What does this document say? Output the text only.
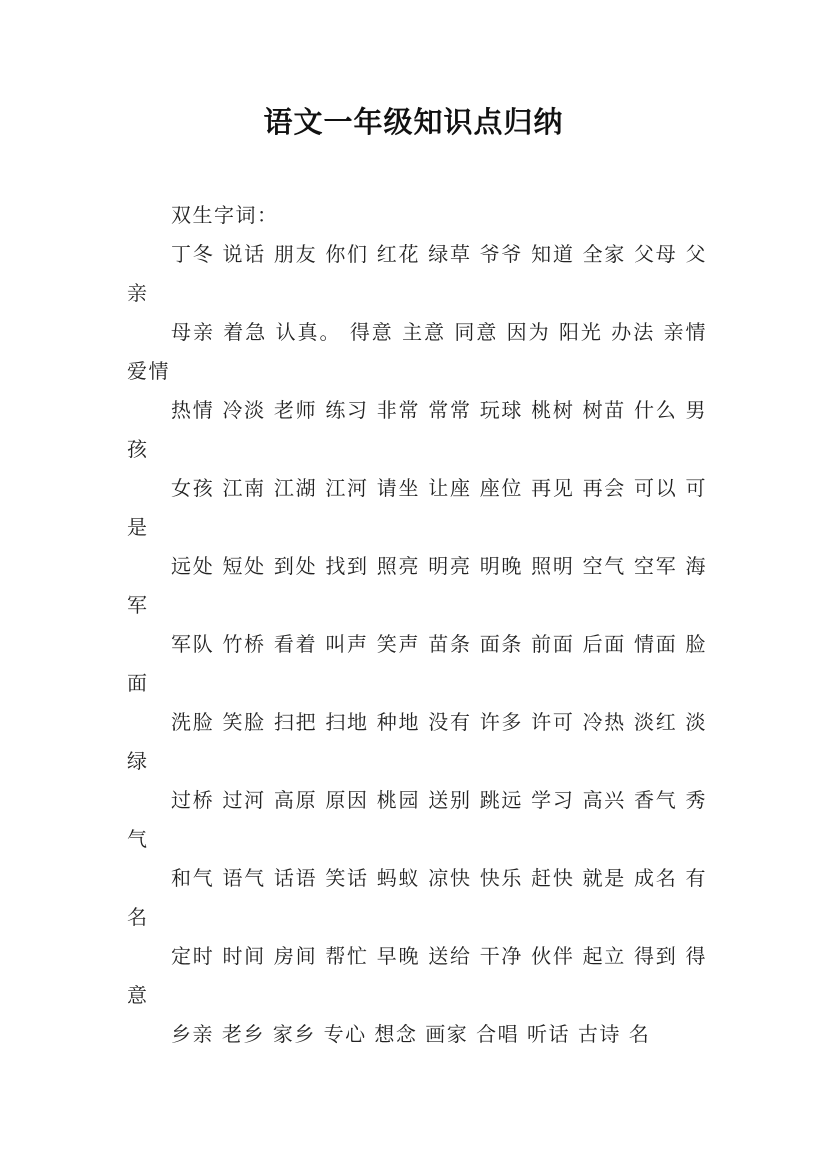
语文一年级知识点归纳

双生字词：

丁冬 说话 朋友 你们 红花 绿草 爷爷 知道 全家 父母 父亲

母亲 着急 认真。 得意 主意 同意 因为 阳光 办法 亲情 爱情

热情 冷淡 老师 练习 非常 常常 玩球 桃树 树苗 什么 男孩

女孩 江南 江湖 江河 请坐 让座 座位 再见 再会 可以 可是

远处 短处 到处 找到 照亮 明亮 明晚 照明 空气 空军 海军

军队 竹桥 看着 叫声 笑声 苗条 面条 前面 后面 情面 脸面

洗脸 笑脸 扫把 扫地 种地 没有 许多 许可 冷热 淡红 淡绿

过桥 过河 高原 原因 桃园 送别 跳远 学习 高兴 香气 秀气

和气 语气 话语 笑话 蚂蚁 凉快 快乐 赶快 就是 成名 有名

定时 时间 房间 帮忙 早晚 送给 干净 伙伴 起立 得到 得意

乡亲 老乡 家乡 专心 想念 画家 合唱 听话 古诗 名
